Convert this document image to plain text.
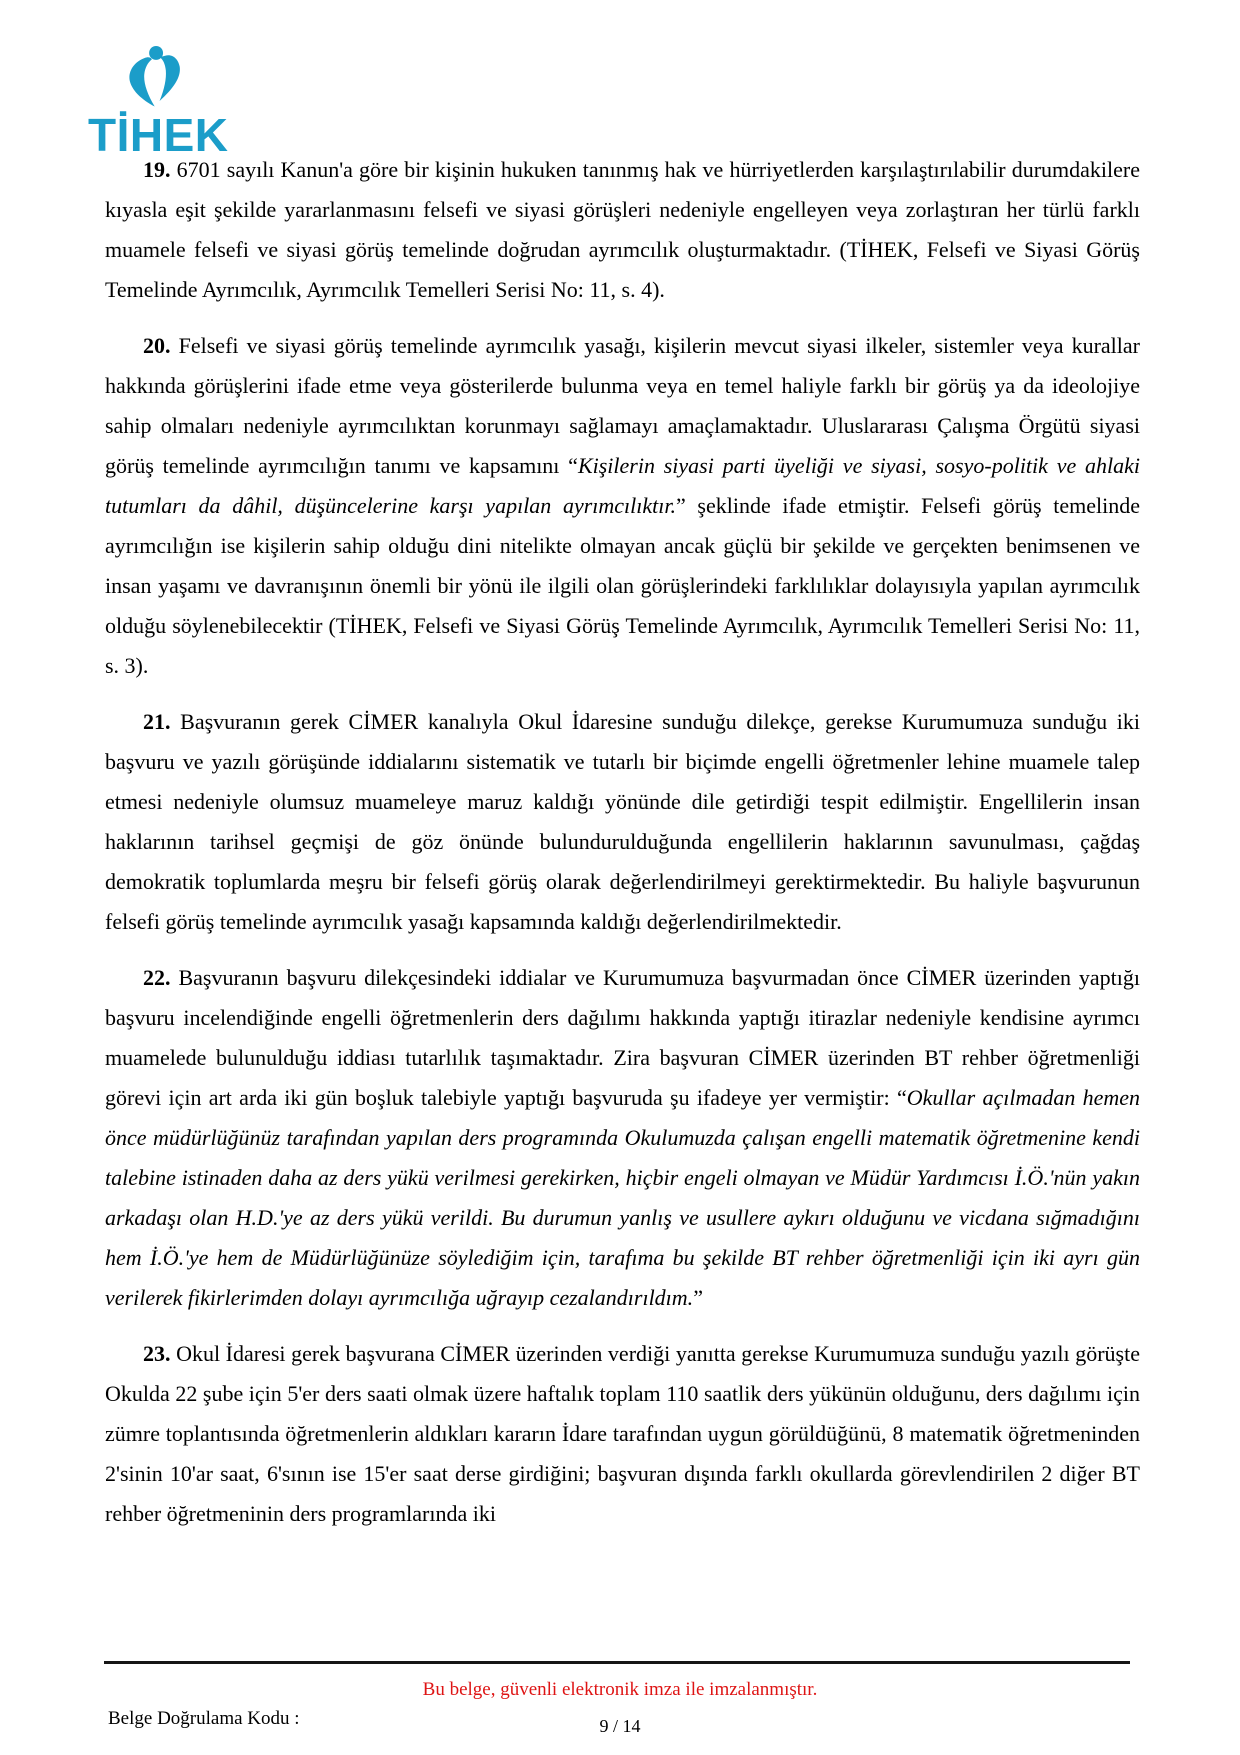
TİHEK

19. 6701 sayılı Kanun'a göre bir kişinin hukuken tanınmış hak ve hürriyetlerden karşılaştırılabilir durumdakilere kıyasla eşit şekilde yararlanmasını felsefi ve siyasi görüşleri nedeniyle engelleyen veya zorlaştıran her türlü farklı muamele felsefi ve siyasi görüş temelinde doğrudan ayrımcılık oluşturmaktadır. (TİHEK, Felsefi ve Siyasi Görüş Temelinde Ayrımcılık, Ayrımcılık Temelleri Serisi No: 11, s. 4).

20. Felsefi ve siyasi görüş temelinde ayrımcılık yasağı, kişilerin mevcut siyasi ilkeler, sistemler veya kurallar hakkında görüşlerini ifade etme veya gösterilerde bulunma veya en temel haliyle farklı bir görüş ya da ideolojiye sahip olmaları nedeniyle ayrımcılıktan korunmayı sağlamayı amaçlamaktadır. Uluslararası Çalışma Örgütü siyasi görüş temelinde ayrımcılığın tanımı ve kapsamını “Kişilerin siyasi parti üyeliği ve siyasi, sosyo-politik ve ahlaki tutumları da dâhil, düşüncelerine karşı yapılan ayrımcılıktır.” şeklinde ifade etmiştir. Felsefi görüş temelinde ayrımcılığın ise kişilerin sahip olduğu dini nitelikte olmayan ancak güçlü bir şekilde ve gerçekten benimsenen ve insan yaşamı ve davranışının önemli bir yönü ile ilgili olan görüşlerindeki farklılıklar dolayısıyla yapılan ayrımcılık olduğu söylenebilecektir (TİHEK, Felsefi ve Siyasi Görüş Temelinde Ayrımcılık, Ayrımcılık Temelleri Serisi No: 11, s. 3).

21. Başvuranın gerek CİMER kanalıyla Okul İdaresine sunduğu dilekçe, gerekse Kurumumuza sunduğu iki başvuru ve yazılı görüşünde iddialarını sistematik ve tutarlı bir biçimde engelli öğretmenler lehine muamele talep etmesi nedeniyle olumsuz muameleye maruz kaldığı yönünde dile getirdiği tespit edilmiştir. Engellilerin insan haklarının tarihsel geçmişi de göz önünde bulundurulduğunda engellilerin haklarının savunulması, çağdaş demokratik toplumlarda meşru bir felsefi görüş olarak değerlendirilmeyi gerektirmektedir. Bu haliyle başvurunun felsefi görüş temelinde ayrımcılık yasağı kapsamında kaldığı değerlendirilmektedir.

22. Başvuranın başvuru dilekçesindeki iddialar ve Kurumumuza başvurmadan önce CİMER üzerinden yaptığı başvuru incelendiğinde engelli öğretmenlerin ders dağılımı hakkında yaptığı itirazlar nedeniyle kendisine ayrımcı muamelede bulunulduğu iddiası tutarlılık taşımaktadır. Zira başvuran CİMER üzerinden BT rehber öğretmenliği görevi için art arda iki gün boşluk talebiyle yaptığı başvuruda şu ifadeye yer vermiştir: “Okullar açılmadan hemen önce müdürlüğünüz tarafından yapılan ders programında Okulumuzda çalışan engelli matematik öğretmenine kendi talebine istinaden daha az ders yükü verilmesi gerekirken, hiçbir engeli olmayan ve Müdür Yardımcısı İ.Ö.'nün yakın arkadaşı olan H.D.'ye az ders yükü verildi. Bu durumun yanlış ve usullere aykırı olduğunu ve vicdana sığmadığını hem İ.Ö.'ye hem de Müdürlüğünüze söylediğim için, tarafıma bu şekilde BT rehber öğretmenliği için iki ayrı gün verilerek fikirlerimden dolayı ayrımcılığa uğrayıp cezalandırıldım.”

23. Okul İdaresi gerek başvurana CİMER üzerinden verdiği yanıtta gerekse Kurumumuza sunduğu yazılı görüşte Okulda 22 şube için 5'er ders saati olmak üzere haftalık toplam 110 saatlik ders yükünün olduğunu, ders dağılımı için zümre toplantısında öğretmenlerin aldıkları kararın İdare tarafından uygun görüldüğünü, 8 matematik öğretmeninden 2'sinin 10'ar saat, 6'sının ise 15'er saat derse girdiğini; başvuran dışında farklı okullarda görevlendirilen 2 diğer BT rehber öğretmeninin ders programlarında iki

Bu belge, güvenli elektronik imza ile imzalanmıştır.
Belge Doğrulama Kodu :	9 / 14
